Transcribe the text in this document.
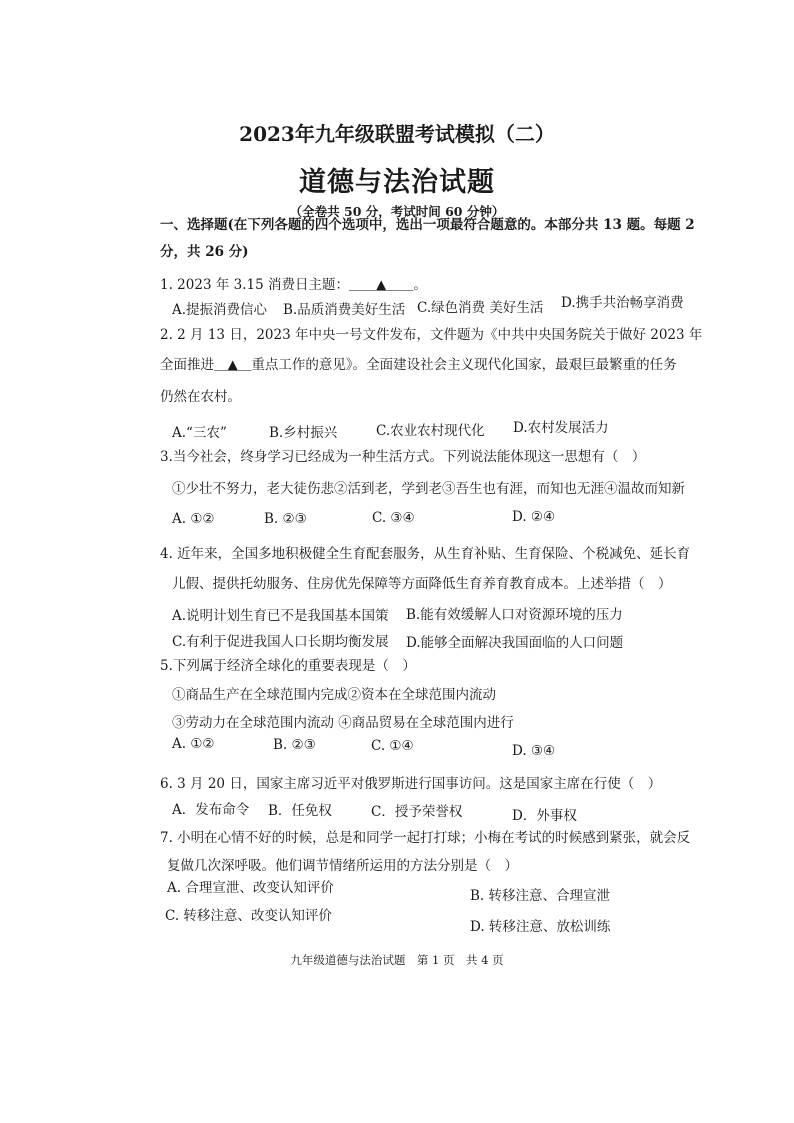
2023年九年级联盟考试模拟（二）
道德与法治试题
（全卷共 50 分，考试时间 60 分钟）
一、选择题(在下列各题的四个选项中，选出一项最符合题意的。本部分共 13 题。每题 2 分，共 26 分)
1. 2023 年 3.15 消费日主题：＿＿▲＿＿。
A.提振消费信心 B.品质消费美好生活 C.绿色消费 美好生活 D.携手共治畅享消费
2. 2 月 13 日，2023 年中央一号文件发布，文件题为《中共中央国务院关于做好 2023 年
全面推进＿▲＿重点工作的意见》。全面建设社会主义现代化国家，最艰巨最繁重的任务
仍然在农村。
A.“三农”	B.乡村振兴	C.农业农村现代化 D.农村发展活力
3.当今社会，终身学习已经成为一种生活方式。下列说法能体现这一思想有（　）
①少壮不努力，老大徒伤悲②活到老，学到老③吾生也有涯，而知也无涯④温故而知新
A. ①②	B. ②③	C. ③④	D. ②④
4. 近年来，全国多地积极健全生育配套服务，从生育补贴、生育保险、个税减免、延长育
儿假、提供托幼服务、住房优先保障等方面降低生育养育教育成本。上述举措（　）
A.说明计划生育已不是我国基本国策 B.能有效缓解人口对资源环境的压力
C.有利于促进我国人口长期均衡发展 D.能够全面解决我国面临的人口问题
5.下列属于经济全球化的重要表现是（　）
①商品生产在全球范围内完成②资本在全球范围内流动
③劳动力在全球范围内流动 ④商品贸易在全球范围内进行
A. ①②	B. ②③	C. ①④	D. ③④
6. 3 月 20 日，国家主席习近平对俄罗斯进行国事访问。这是国家主席在行使（　）
A．发布命令 B．任免权	C．授予荣誉权	D．外事权
7. 小明在心情不好的时候，总是和同学一起打打球；小梅在考试的时候感到紧张，就会反
复做几次深呼吸。他们调节情绪所运用的方法分别是（　）
A. 合理宣泄、改变认知评价	B. 转移注意、合理宣泄
C. 转移注意、改变认知评价
D. 转移注意、放松训练
九年级道德与法治试题　第 1 页　共 4 页
